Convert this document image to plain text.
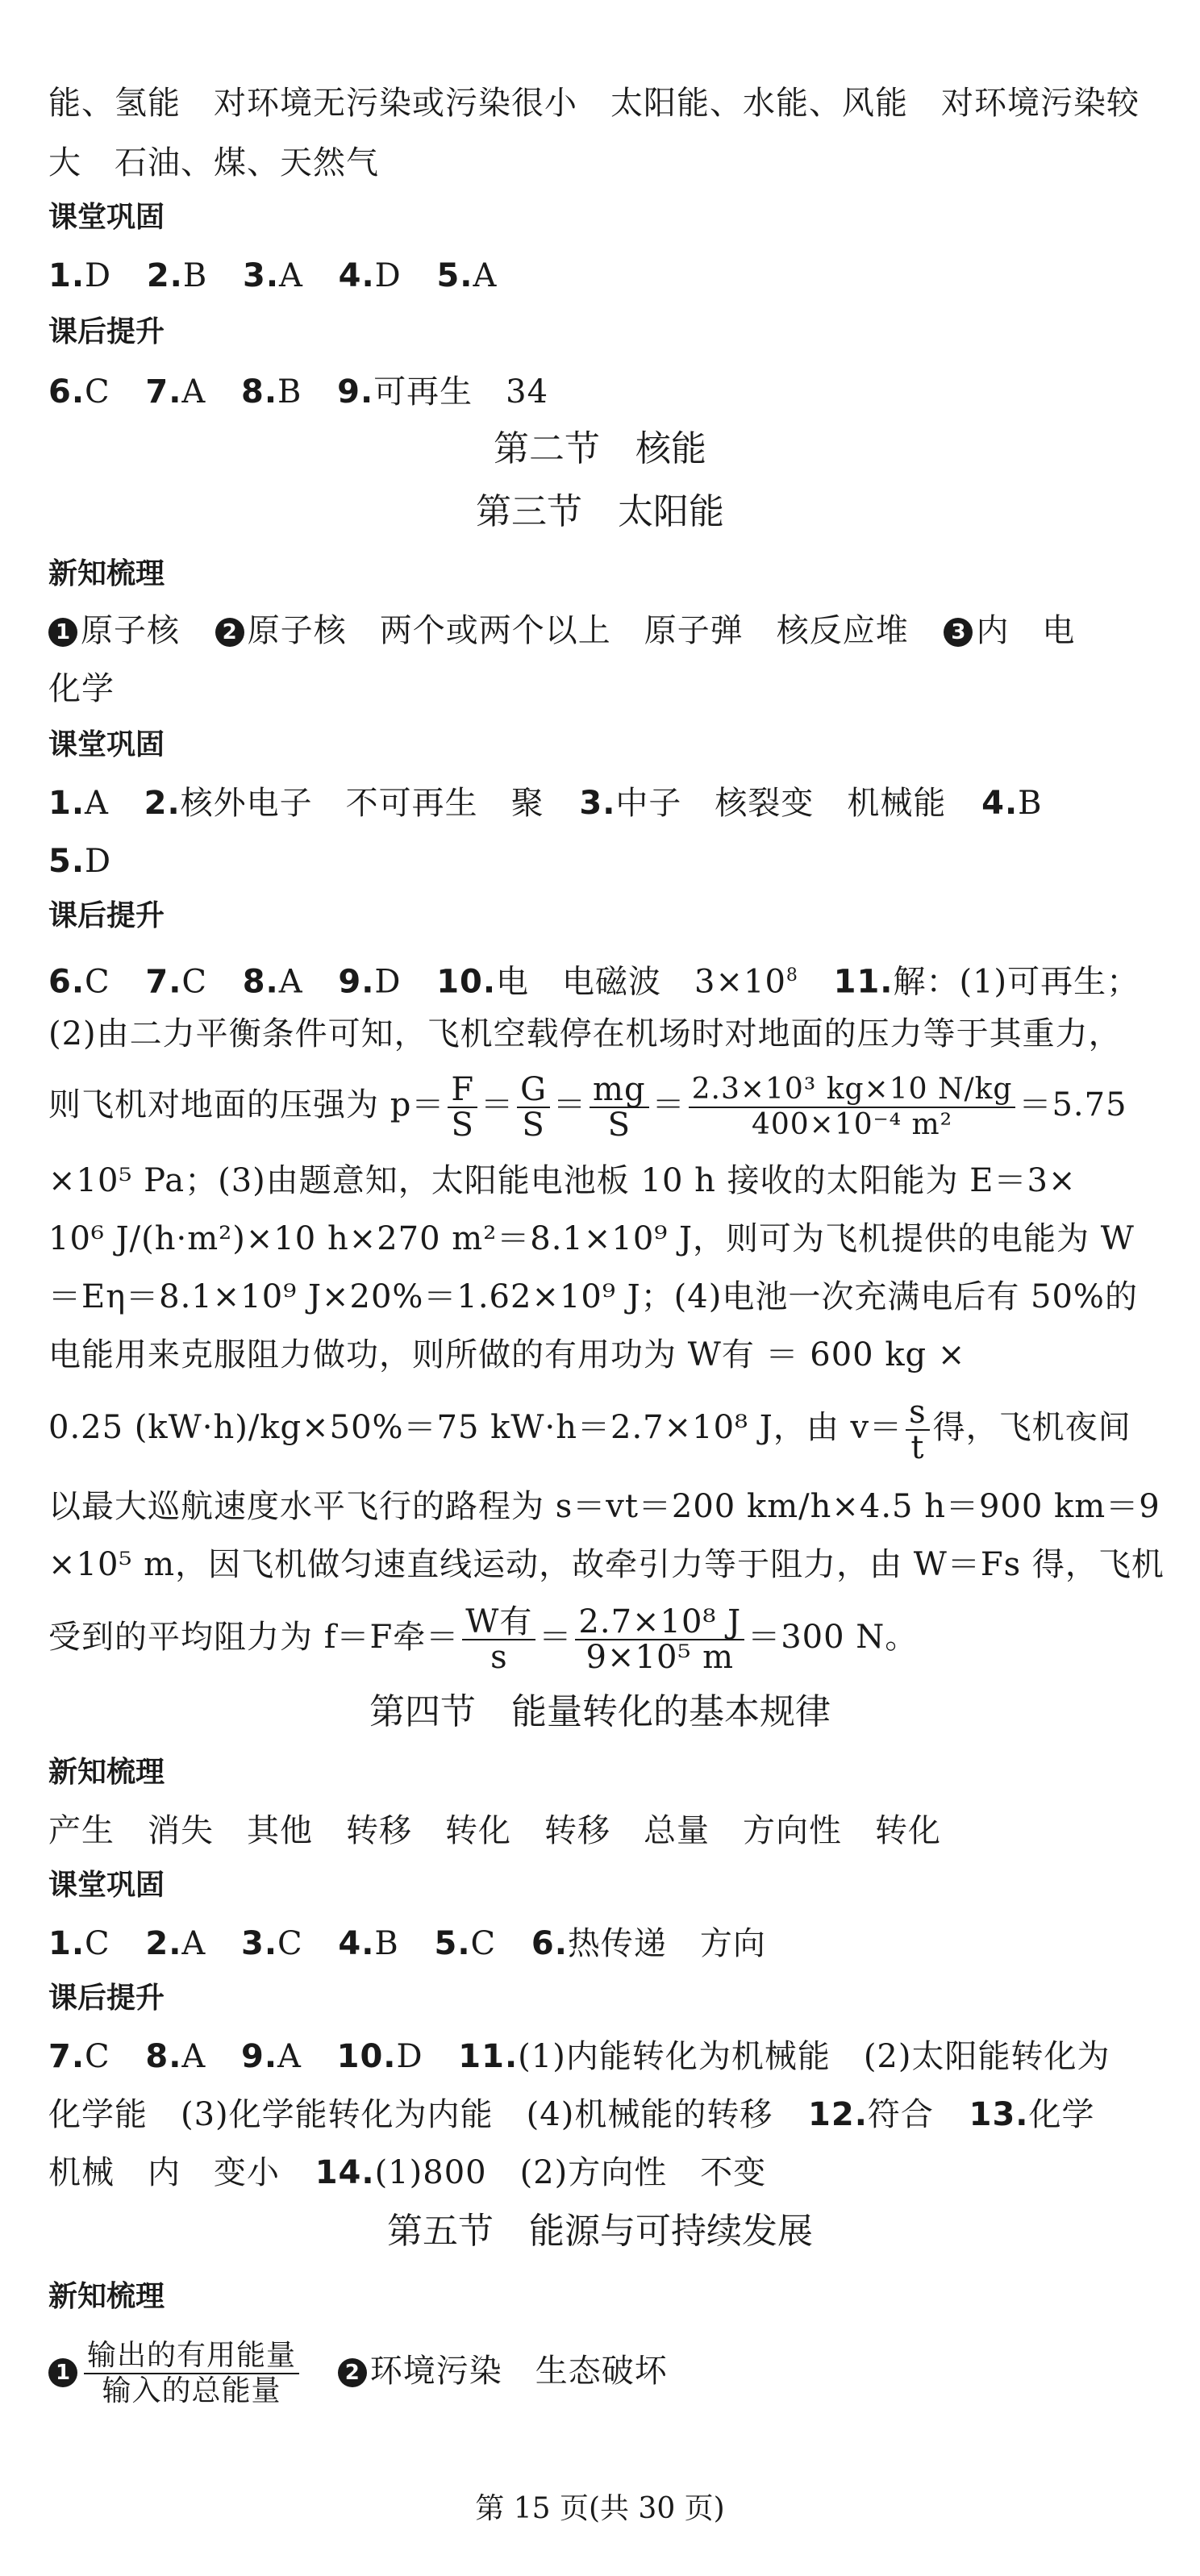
能、氢能　对环境无污染或污染很小　太阳能、水能、风能　对环境污染较
大　石油、煤、天然气
课堂巩固
1.D 2.B 3.A 4.D 5.A
课后提升
6.C 7.A 8.B 9.可再生　34
第二节　核能
第三节　太阳能
新知梳理
1 原子核 2 原子核　两个或两个以上　原子弹　核反应堆 3 内　电
化学
课堂巩固
1.A 2.核外电子　不可再生　聚 3.中子　核裂变　机械能 4.B
5.D
课后提升
6.C 7.C 8.A 9.D 10.电　电磁波　$3\times 10^8$ 11.解：(1)可再生；
(2)由二力平衡条件可知，飞机空载停在机场时对地面的压力等于其重力，
则飞机对地面的压强为 $p= \frac{F}{S} = \frac{G}{S} = \frac{mg}{S} = \frac{\text{2.3×10³ kg×10 N/kg}}{\text{400×10⁻⁴ m²}} =5.75$
×10⁵ Pa；(3)由题意知，太阳能电池板 10 h 接收的太阳能为 E＝3×
10⁶ J/(h·m²)×10 h×270 m²＝8.1×10⁹ J，则可为飞机提供的电能为 W
＝Eη＝8.1×10⁹ J×20%＝1.62×10⁹ J；(4)电池一次充满电后有 50%的
电能用来克服阻力做功，则所做的有用功为 W有 ＝ 600 kg ×
0.25 (kW·h)/kg×50%＝75 kW·h＝2.7×10⁸ J，由 $v= \frac{s}{t}$ 得，飞机夜间
以最大巡航速度水平飞行的路程为 s＝vt＝200 km/h×4.5 h＝900 km＝9
×10⁵ m，因飞机做匀速直线运动，故牵引力等于阻力，由 W＝Fs 得，飞机
受到的平均阻力为 f＝F牵＝ $\frac{\text{W有}}{s} = \frac{\text{2.7×10⁸ J}}{\text{9×10⁵ m}} =300$ N。
第四节　能量转化的基本规律
新知梳理
产生　消失　其他　转移　转化　转移　总量　方向性　转化
课堂巩固
1.C 2.A 3.C 4.B 5.C 6.热传递　方向
课后提升
7.C 8.A 9.A 10.D 11.(1)内能转化为机械能　(2)太阳能转化为
化学能　(3)化学能转化为内能　(4)机械能的转移 12.符合 13.化学
机械　内　变小 14.(1)800　(2)方向性　不变
第五节　能源与可持续发展
新知梳理
$1 \frac{\text{输出的有用能量}}{\text{输入的总能量}} 2$ 环境污染　生态破坏
第 15 页(共 30 页)
